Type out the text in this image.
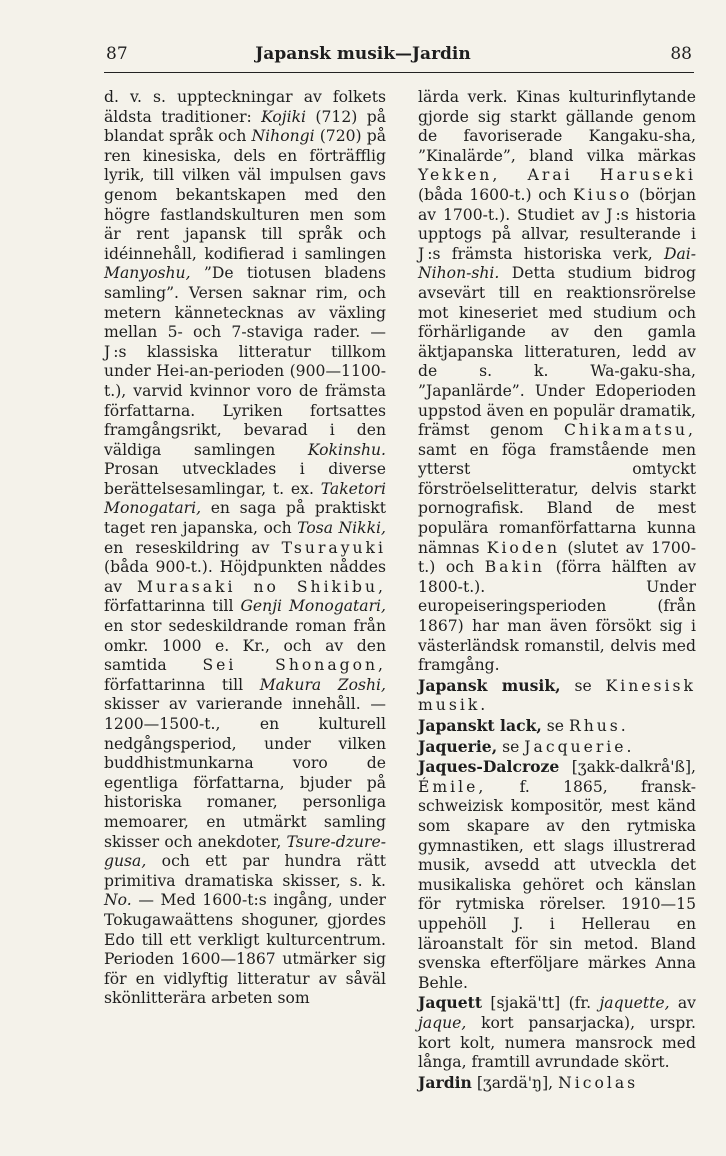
87	Japansk musik—Jardin	88

d. v. s. uppteckningar av folkets äldsta traditioner: Kojiki (712) på blandat språk och Nihongi (720) på ren kinesiska, dels en förträfflig lyrik, till vilken väl impulsen gavs genom bekantskapen med den högre fastlandskulturen men som är rent japansk till språk och idéinnehåll, kodifierad i samlingen Manyoshu, ”De tiotusen bladens samling”. Versen saknar rim, och metern kännetecknas av växling mellan 5- och 7-staviga rader. — J:s klassiska litteratur tillkom under Hei-an-perioden (900—1100-t.), varvid kvinnor voro de främsta författarna. Lyriken fortsattes framgångsrikt, bevarad i den väldiga samlingen Kokinshu. Prosan utvecklades i diverse berättelsesamlingar, t. ex. Taketori Monogatari, en saga på praktiskt taget ren japanska, och Tosa Nikki, en reseskildring av Tsurayuki (båda 900-t.). Höjdpunkten nåddes av Murasaki no Shikibu, författarinna till Genji Monogatari, en stor sedeskildrande roman från omkr. 1000 e. Kr., och av den samtida Sei Shonagon, författarinna till Makura Zoshi, skisser av varierande innehåll. — 1200—1500-t., en kulturell nedgångsperiod, under vilken buddhistmunkarna voro de egentliga författarna, bjuder på historiska romaner, personliga memoarer, en utmärkt samling skisser och anekdoter, Tsure-dzure-gusa, och ett par hundra rätt primitiva dramatiska skisser, s. k. No. — Med 1600-t:s ingång, under Tokugawaättens shoguner, gjordes Edo till ett verkligt kulturcentrum. Perioden 1600—1867 utmärker sig för en vidlyftig litteratur av såväl skönlitterära arbeten som

lärda verk. Kinas kulturinflytande gjorde sig starkt gällande genom de favoriserade Kangaku-sha, ”Kinalärde”, bland vilka märkas Yekken, Arai Haruseki (båda 1600-t.) och Kiuso (början av 1700-t.). Studiet av J:s historia upptogs på allvar, resulterande i J:s främsta historiska verk, Dai-Nihon-shi. Detta studium bidrog avsevärt till en reaktionsrörelse mot kineseriet med studium och förhärligande av den gamla äktjapanska litteraturen, ledd av de s. k. Wa-gaku-sha, ”Japanlärde”. Under Edoperioden uppstod även en populär dramatik, främst genom Chikamatsu, samt en föga framstående men ytterst omtyckt förströelselitteratur, delvis starkt pornografisk. Bland de mest populära romanförfattarna kunna nämnas Kioden (slutet av 1700-t.) och Bakin (förra hälften av 1800-t.). Under europeiseringsperioden (från 1867) har man även försökt sig i västerländsk romanstil, delvis med framgång.

Japansk musik, se Kinesisk musik.

Japanskt lack, se Rhus.

Jaquerie, se Jacquerie.

Jaques-Dalcroze [ʒakk-dalkrå'ß], Émile, f. 1865, fransk-schweizisk kompositör, mest känd som skapare av den rytmiska gymnastiken, ett slags illustrerad musik, avsedd att utveckla det musikaliska gehöret och känslan för rytmiska rörelser. 1910—15 uppehöll J. i Hellerau en läroanstalt för sin metod. Bland svenska efterföljare märkes Anna Behle.

Jaquett [sjakä'tt] (fr. jaquette, av jaque, kort pansarjacka), urspr. kort kolt, numera mansrock med långa, framtill avrundade skört.

Jardin [ʒardä'ŋ], Nicolas
